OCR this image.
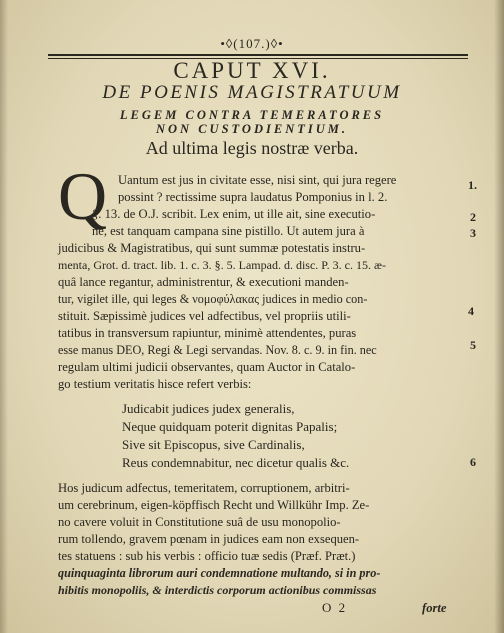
•◊(107.)◊•
CAPUT XVI.
DE POENIS MAGISTRATUUM
LEGEM CONTRA TEMERATORES
NON CUSTODIENTIUM.
Ad ultima legis nostræ verba.
Q Uantum est jus in civitate esse, nisi sint, qui jura regere
possint ? rectissime supra laudatus Pomponius in l. 2.
§. 13. de O.J. scribit. Lex enim, ut ille ait, sine executio-
ne, est tanquam campana sine pistillo. Ut autem jura à
judicibus & Magistratibus, qui sunt summæ potestatis instru-
menta, Grot. d. tract. lib. 1. c. 3. §. 5. Lampad. d. disc. P. 3. c. 15. æ-
quâ lance regantur, administrentur, & executioni manden-
tur, vigilet ille, qui leges & νομοφύλακας judices in medio con-
stituit. Sæpissimè judices vel adfectibus, vel propriis utili-
tatibus in transversum rapiuntur, minimè attendentes, puras
esse manus DEO, Regi & Legi servandas. Nov. 8. c. 9. in fin. nec
regulam ultimi judicii observantes, quam Auctor in Catalo-
go testium veritatis hisce refert verbis:
Judicabit judices judex generalis,
Neque quidquam poterit dignitas Papalis;
Sive sit Episcopus, sive Cardinalis,
Reus condemnabitur, nec dicetur qualis &c.
Hos judicum adfectus, temeritatem, corruptionem, arbitri-
um cerebrinum, eigen-köpffisch Recht und Willkühr Imp. Ze-
no cavere voluit in Constitutione suâ de usu monopolio-
rum tollendo, gravem pœnam in judices eam non exsequen-
tes statuens : sub his verbis : officio tuæ sedis (Præf. Præt.)
quinquaginta librorum auri condemnatione multando, si in pro-
hibitis monopoliis, & interdictis corporum actionibus commissas
O 2	forte
1.
2
3
4
5
6
